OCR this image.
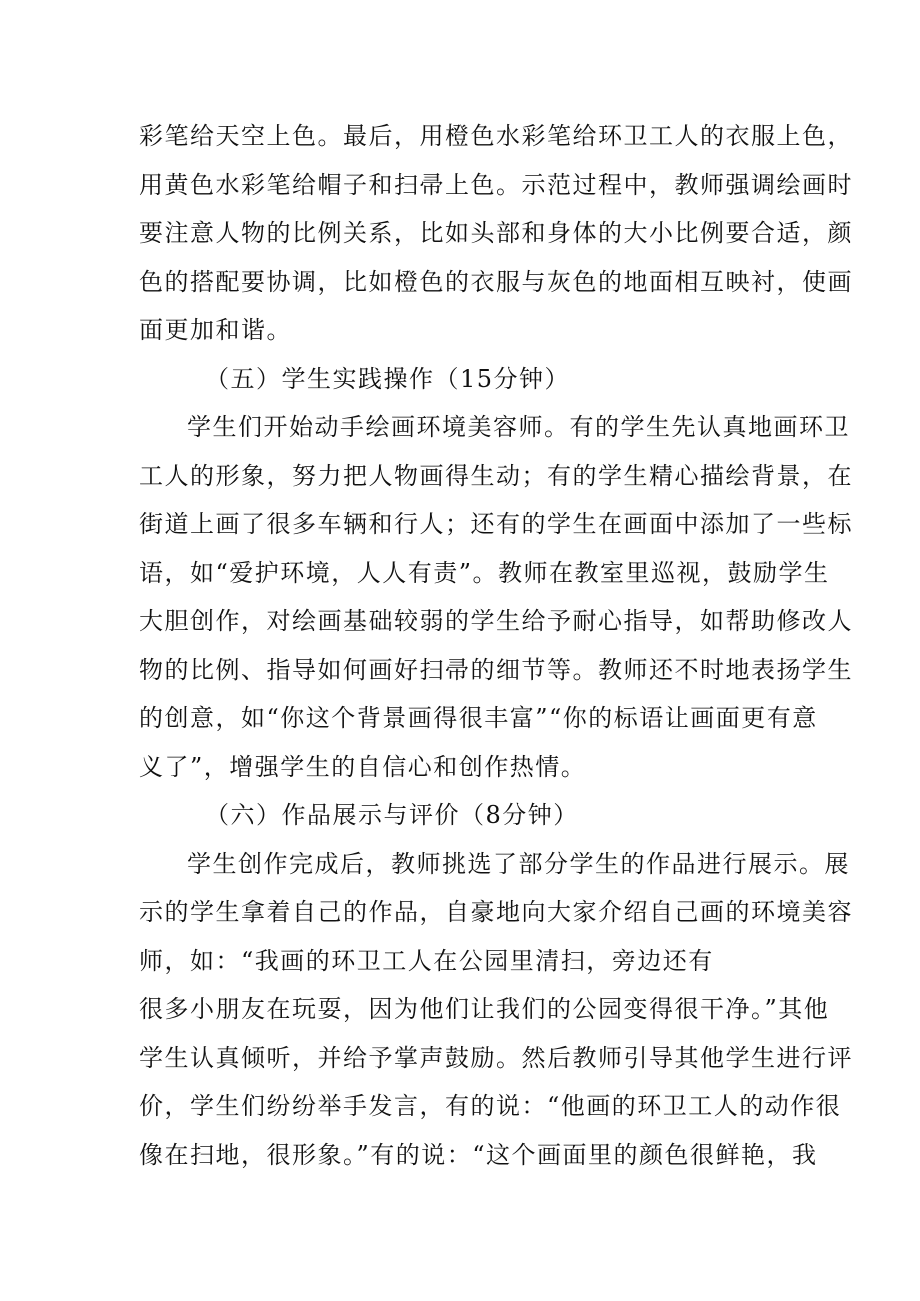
彩笔给天空上色。最后，用橙色水彩笔给环卫工人的衣服上色，
用黄色水彩笔给帽子和扫帚上色。示范过程中，教师强调绘画时
要注意人物的比例关系，比如头部和身体的大小比例要合适，颜
色的搭配要协调，比如橙色的衣服与灰色的地面相互映衬，使画
面更加和谐。
（五）学生实践操作（15分钟）
学生们开始动手绘画环境美容师。有的学生先认真地画环卫
工人的形象，努力把人物画得生动；有的学生精心描绘背景，在
街道上画了很多车辆和行人；还有的学生在画面中添加了一些标
语，如“爱护环境，人人有责”。教师在教室里巡视，鼓励学生
大胆创作，对绘画基础较弱的学生给予耐心指导，如帮助修改人
物的比例、指导如何画好扫帚的细节等。教师还不时地表扬学生
的创意，如“你这个背景画得很丰富”“你的标语让画面更有意
义了”，增强学生的自信心和创作热情。
（六）作品展示与评价（8分钟）
学生创作完成后，教师挑选了部分学生的作品进行展示。展
示的学生拿着自己的作品，自豪地向大家介绍自己画的环境美容
师，如：“我画的环卫工人在公园里清扫，旁边还有
很多小朋友在玩耍，因为他们让我们的公园变得很干净。”其他
学生认真倾听，并给予掌声鼓励。然后教师引导其他学生进行评
价，学生们纷纷举手发言，有的说：“他画的环卫工人的动作很
像在扫地，很形象。”有的说：“这个画面里的颜色很鲜艳，我
